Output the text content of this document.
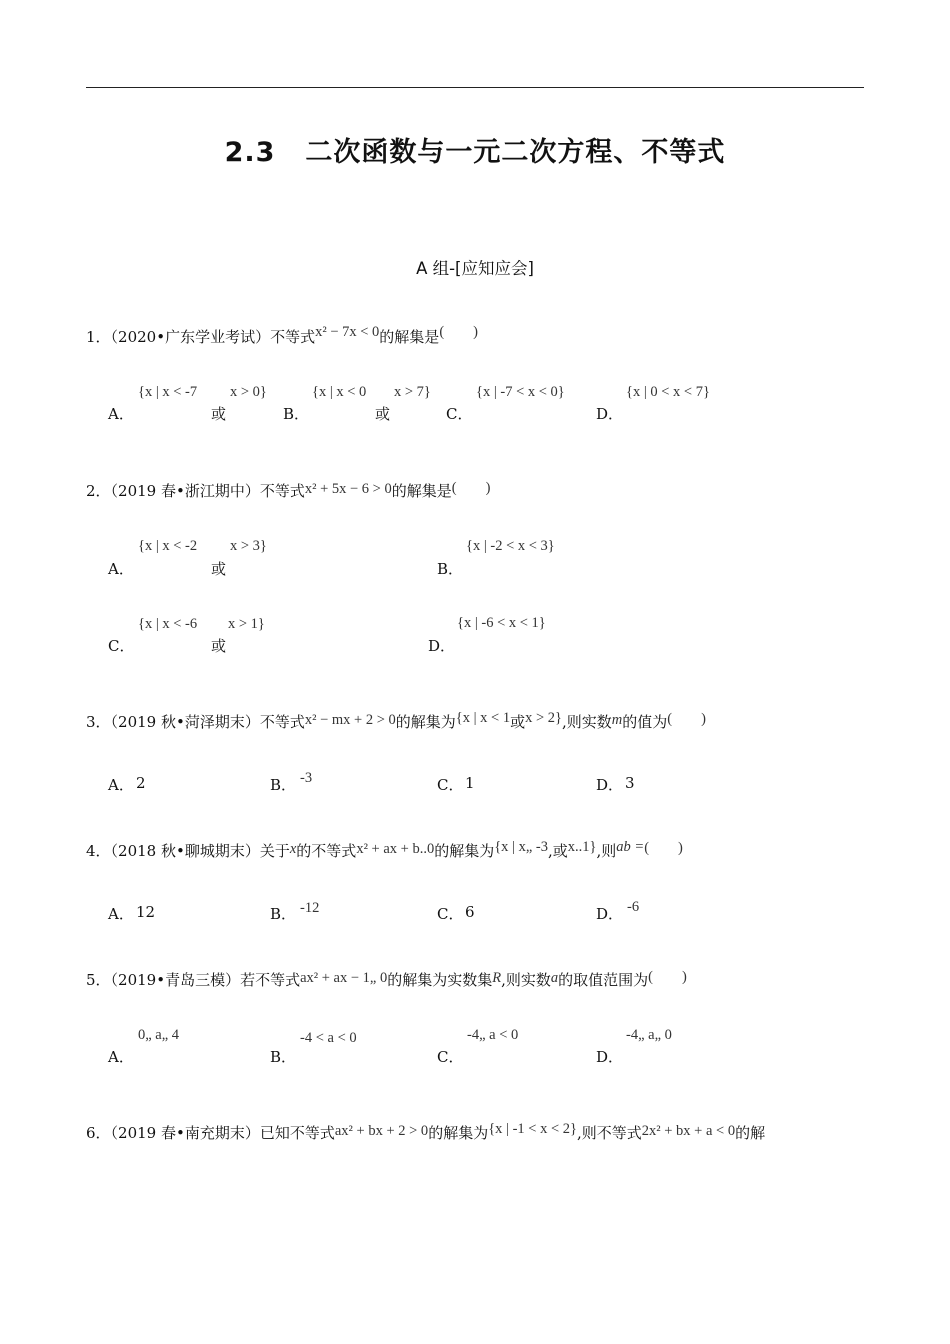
2.3 二次函数与一元二次方程、不等式
A 组-[应知应会]
1．（2020•广东学业考试）不等式x² − 7x < 0的解集是(　　)
A．
{x | x < -7 x > 0}
或	B．
{x | x < 0 x > 7}
或	C．
{x | -7 < x < 0}
D．
{x | 0 < x < 7}
2．（2019 春•浙江期中）不等式x² + 5x − 6 > 0的解集是(　　)
A．
{x | x < -2 x > 3}
或	B．
{x | -2 < x < 3}
C．
{x | x < -6 x > 1}
或	D．
{x | -6 < x < 1}
3．（2019 秋•菏泽期末）不等式x² − mx + 2 > 0的解集为{x | x < 1或x > 2},则实数m的值为(　　)
A． 2	B． -3	C． 1	D． 3
4．（2018 秋•聊城期末）关于x的不等式x² + ax + b..0的解集为{x | x„ -3,或x..1},则ab =(　　)
A． 12	B． -12	C． 6	D． -6
5．（2019•青岛三模）若不等式ax² + ax − 1„ 0的解集为实数集R,则实数a的取值范围为(　　)
A．
0„ a„ 4
B．
-4 < a < 0
C．
-4„ a < 0
D．
-4„ a„ 0
6．（2019 春•南充期末）已知不等式ax² + bx + 2 > 0的解集为{x | -1 < x < 2},则不等式2x² + bx + a < 0的解
